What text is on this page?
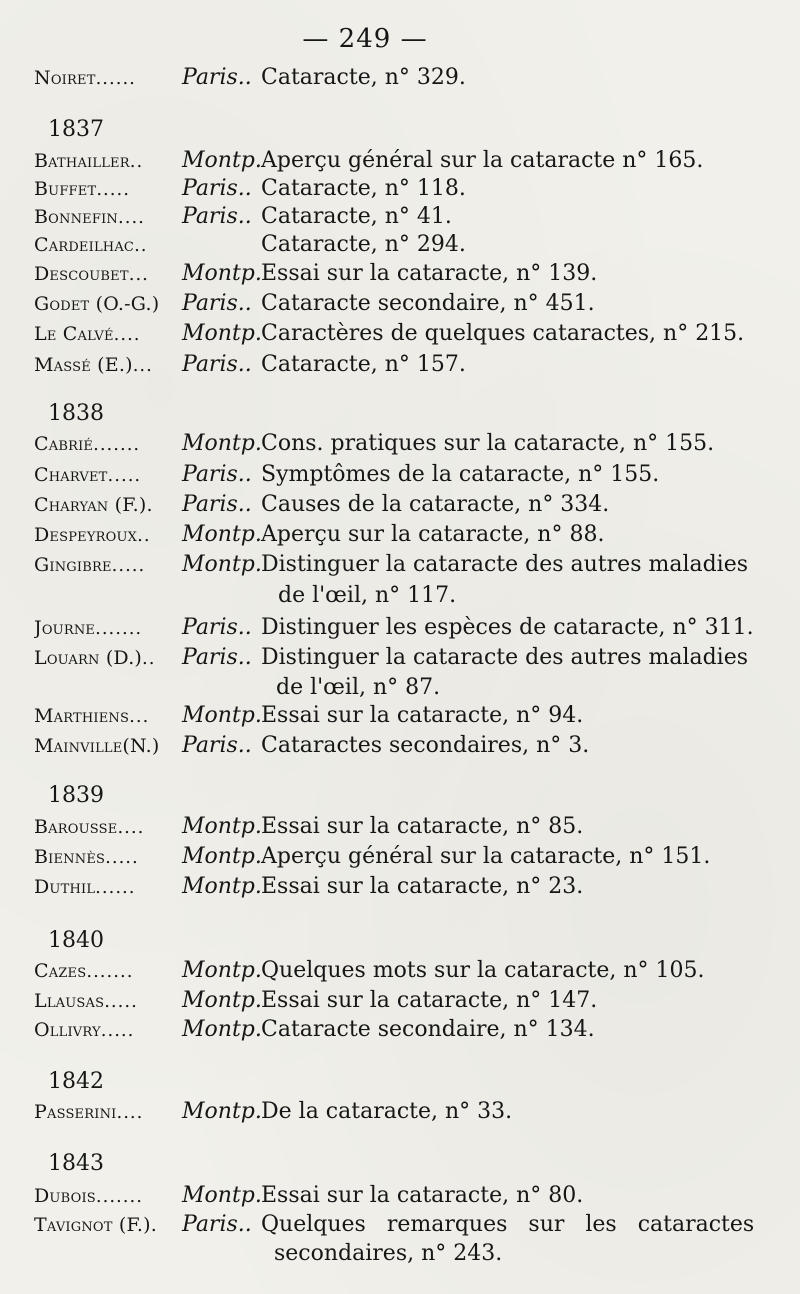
— 249 —
Noiret......	Paris.. Cataracte, n° 329.
1837
Bathailler..	Montp. Aperçu général sur la cataracte n° 165.
Buffet.....	Paris.. Cataracte, n° 118.
Bonnefin....	Paris.. Cataracte, n° 41.
Cardeilhac..	Cataracte, n° 294.
Descoubet...	Montp. Essai sur la cataracte, n° 139.
Godet (O.-G.)	Paris.. Cataracte secondaire, n° 451.
Le Calvé....	Montp. Caractères de quelques cataractes, n° 215.
Massé (E.)...	Paris.. Cataracte, n° 157.
1838
Cabrié.......	Montp. Cons. pratiques sur la cataracte, n° 155.
Charvet.....	Paris.. Symptômes de la cataracte, n° 155.
Charyan (F.).	Paris.. Causes de la cataracte, n° 334.
Despeyroux..	Montp. Aperçu sur la cataracte, n° 88.
Gingibre.....	Montp. Distinguer la cataracte des autres maladies
de l'œil, n° 117.
Journe.......	Paris.. Distinguer les espèces de cataracte, n° 311.
Louarn (D.)..	Paris.. Distinguer la cataracte des autres maladies
de l'œil, n° 87.
Marthiens...	Montp. Essai sur la cataracte, n° 94.
Mainville(N.)	Paris.. Cataractes secondaires, n° 3.
1839
Barousse....	Montp. Essai sur la cataracte, n° 85.
Biennès.....	Montp. Aperçu général sur la cataracte, n° 151.
Duthil......	Montp. Essai sur la cataracte, n° 23.
1840
Cazes.......	Montp. Quelques mots sur la cataracte, n° 105.
Llausas.....	Montp. Essai sur la cataracte, n° 147.
Ollivry.....	Montp. Cataracte secondaire, n° 134.
1842
Passerini....	Montp. De la cataracte, n° 33.
1843
Dubois.......	Montp. Essai sur la cataracte, n° 80.
Tavignot (F.).	Paris.. Quelques remarques sur les cataractes
secondaires, n° 243.
